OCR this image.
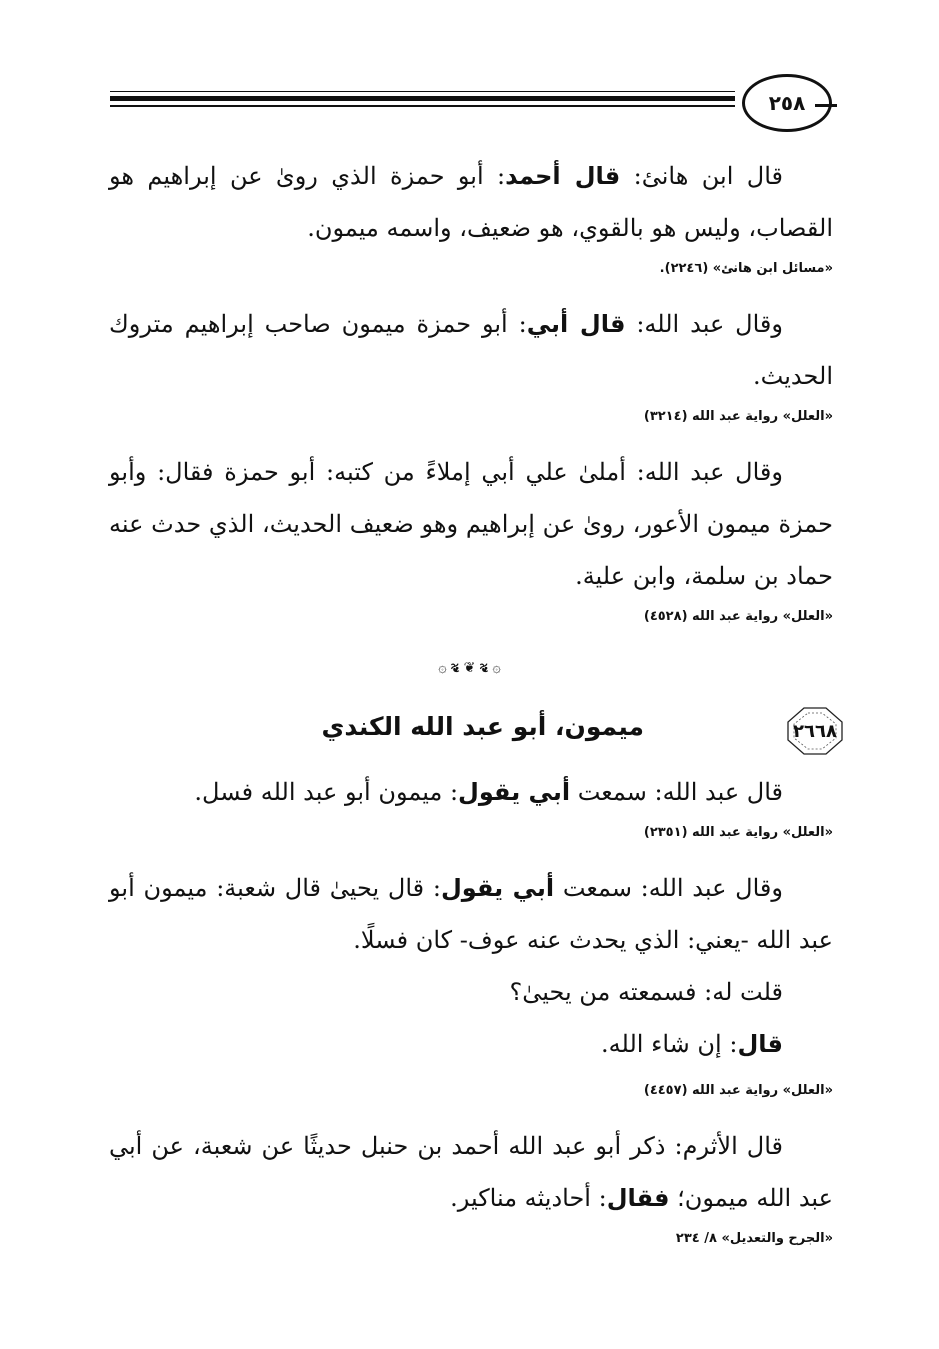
٢٥٨

قال ابن هانئ: قال أحمد: أبو حمزة الذي روىٰ عن إبراهيم هو القصاب، وليس هو بالقوي، هو ضعيف، واسمه ميمون.

«مسائل ابن هانئ» (٢٢٤٦).

وقال عبد الله: قال أبي: أبو حمزة ميمون صاحب إبراهيم متروك الحديث.

«العلل» رواية عبد الله (٣٢١٤)

وقال عبد الله: أملىٰ علي أبي إملاءً من كتبه: أبو حمزة فقال: وأبو حمزة ميمون الأعور، روىٰ عن إبراهيم وهو ضعيف الحديث، الذي حدث عنه حماد بن سلمة، وابن علية.

«العلل» رواية عبد الله (٤٥٢٨)

۞ ❧ ❦ ❧ ۞
٢٦٦٨
ميمون، أبو عبد الله الكندي

قال عبد الله: سمعت أبي يقول: ميمون أبو عبد الله فسل.

«العلل» رواية عبد الله (٢٣٥١)

وقال عبد الله: سمعت أبي يقول: قال يحيىٰ قال شعبة: ميمون أبو عبد الله -يعني: الذي يحدث عنه عوف- كان فسلًا.

قلت له: فسمعته من يحيىٰ؟

قال: إن شاء الله.

«العلل» رواية عبد الله (٤٤٥٧)

قال الأثرم: ذكر أبو عبد الله أحمد بن حنبل حديثًا عن شعبة، عن أبي عبد الله ميمون؛ فقال: أحاديثه مناكير.

«الجرح والتعديل» ٨/ ٢٣٤
